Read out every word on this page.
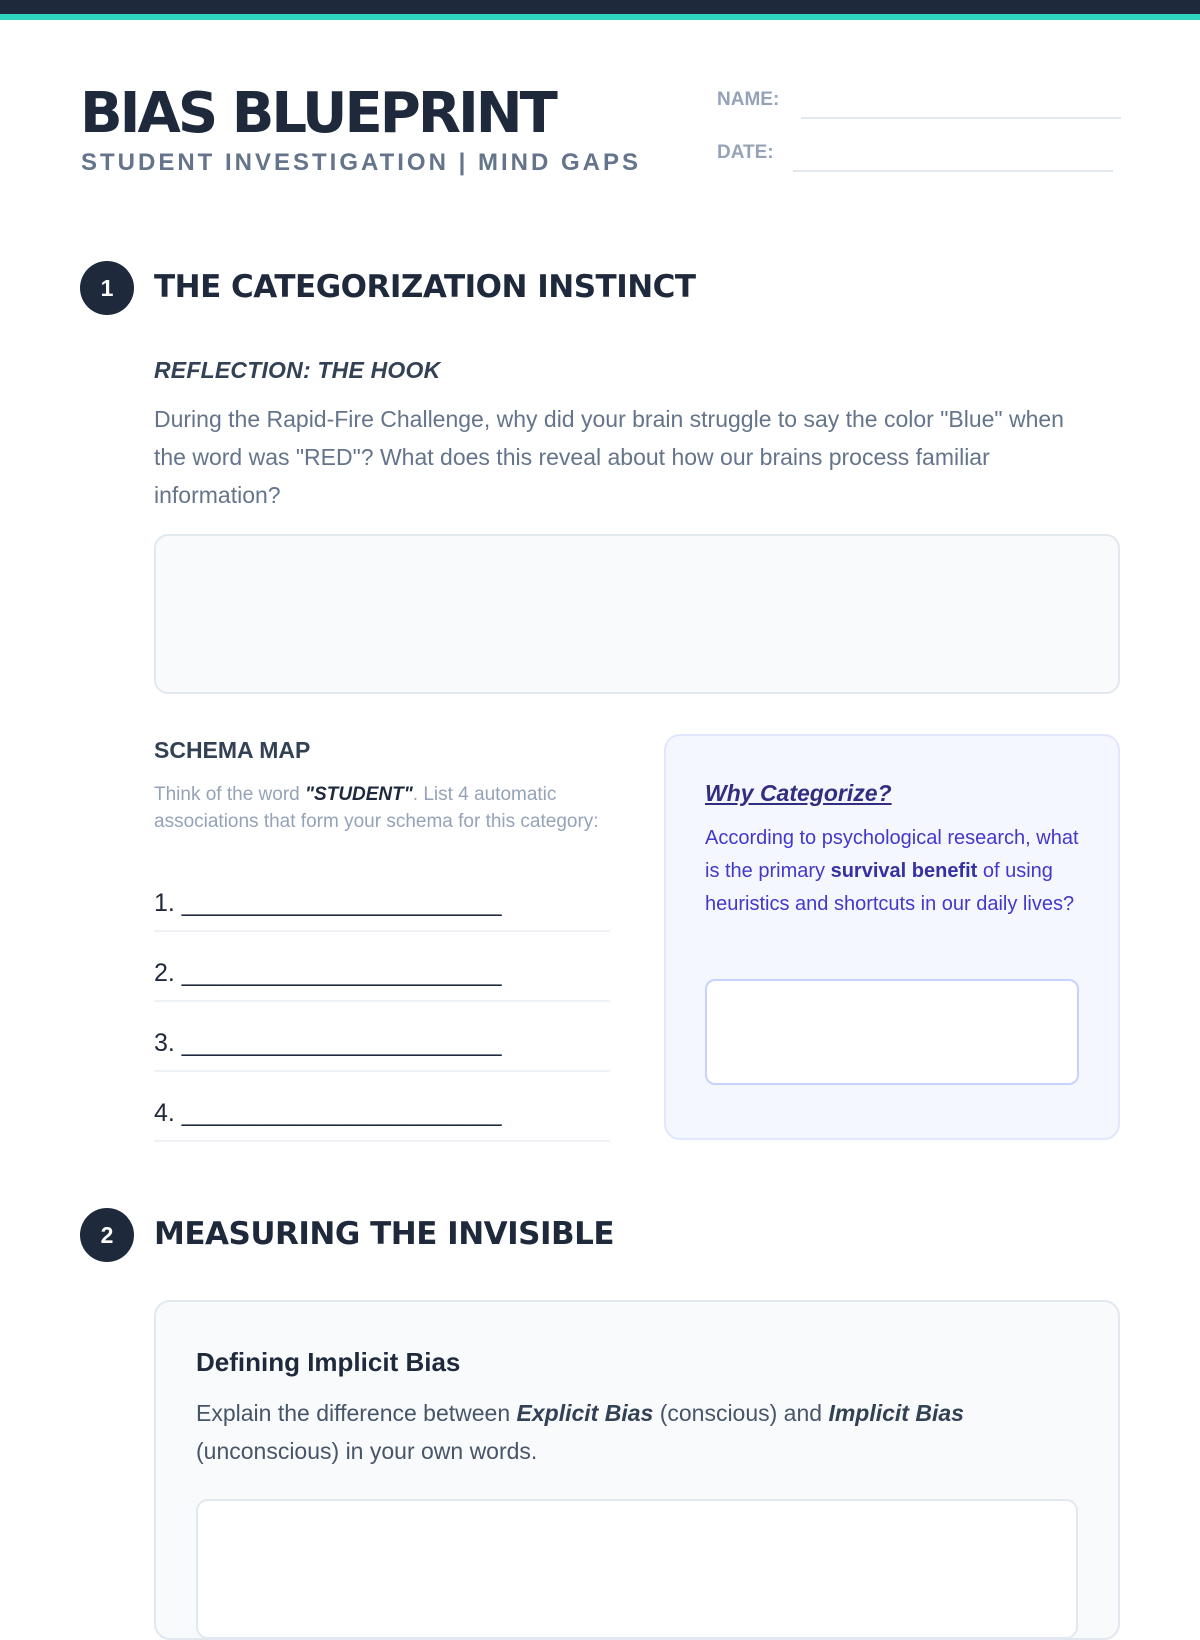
BIAS BLUEPRINT
STUDENT INVESTIGATION | MIND GAPS
NAME:
DATE:
1	THE CATEGORIZATION INSTINCT
REFLECTION: THE HOOK
During the Rapid-Fire Challenge, why did your brain struggle to say the color "Blue" when the word was "RED"? What does this reveal about how our brains process familiar information?
SCHEMA MAP
Think of the word "STUDENT". List 4 automatic associations that form your schema for this category:
1. _______________________
2. _______________________
3. _______________________
4. _______________________
Why Categorize?
According to psychological research, what is the primary survival benefit of using heuristics and shortcuts in our daily lives?
2	MEASURING THE INVISIBLE
Defining Implicit Bias
Explain the difference between Explicit Bias (conscious) and Implicit Bias (unconscious) in your own words.
